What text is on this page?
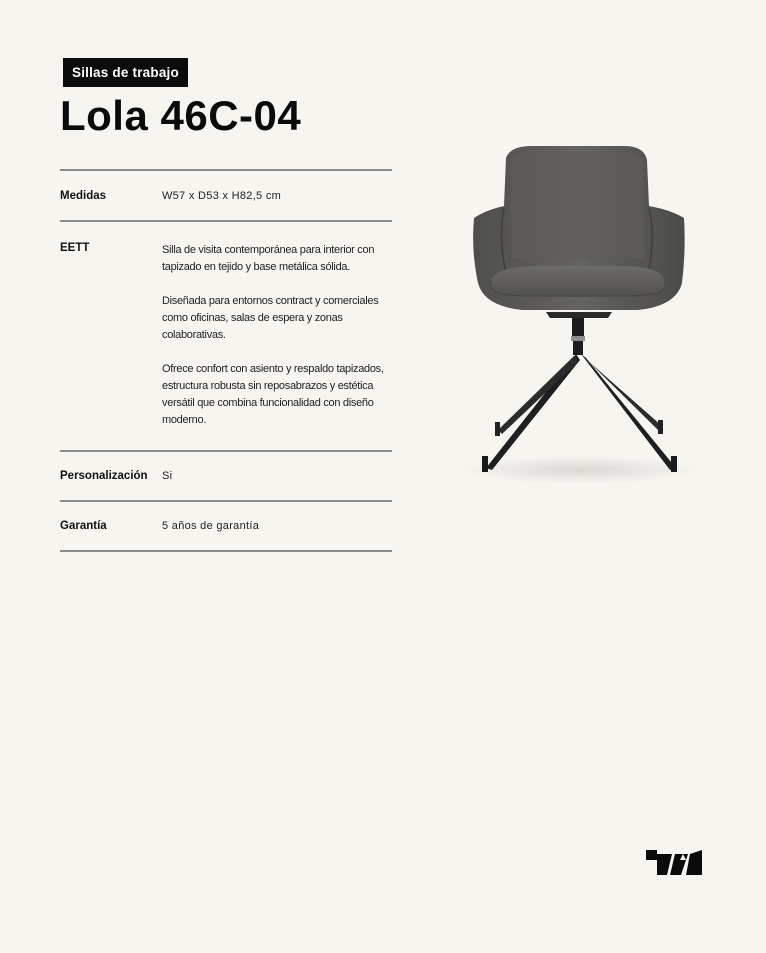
Sillas de trabajo
Lola 46C-04
Medidas	W57 x D53 x H82,5 cm
EETT	Silla de visita contemporánea para interior con tapizado en tejido y base metálica sólida.

Diseñada para entornos contract y comerciales como oficinas, salas de espera y zonas colaborativas.

Ofrece confort con asiento y respaldo tapizados, estructura robusta sin reposabrazos y estética versátil que combina funcionalidad con diseño moderno.

Personalización	Si
Garantía	5 años de garantía
